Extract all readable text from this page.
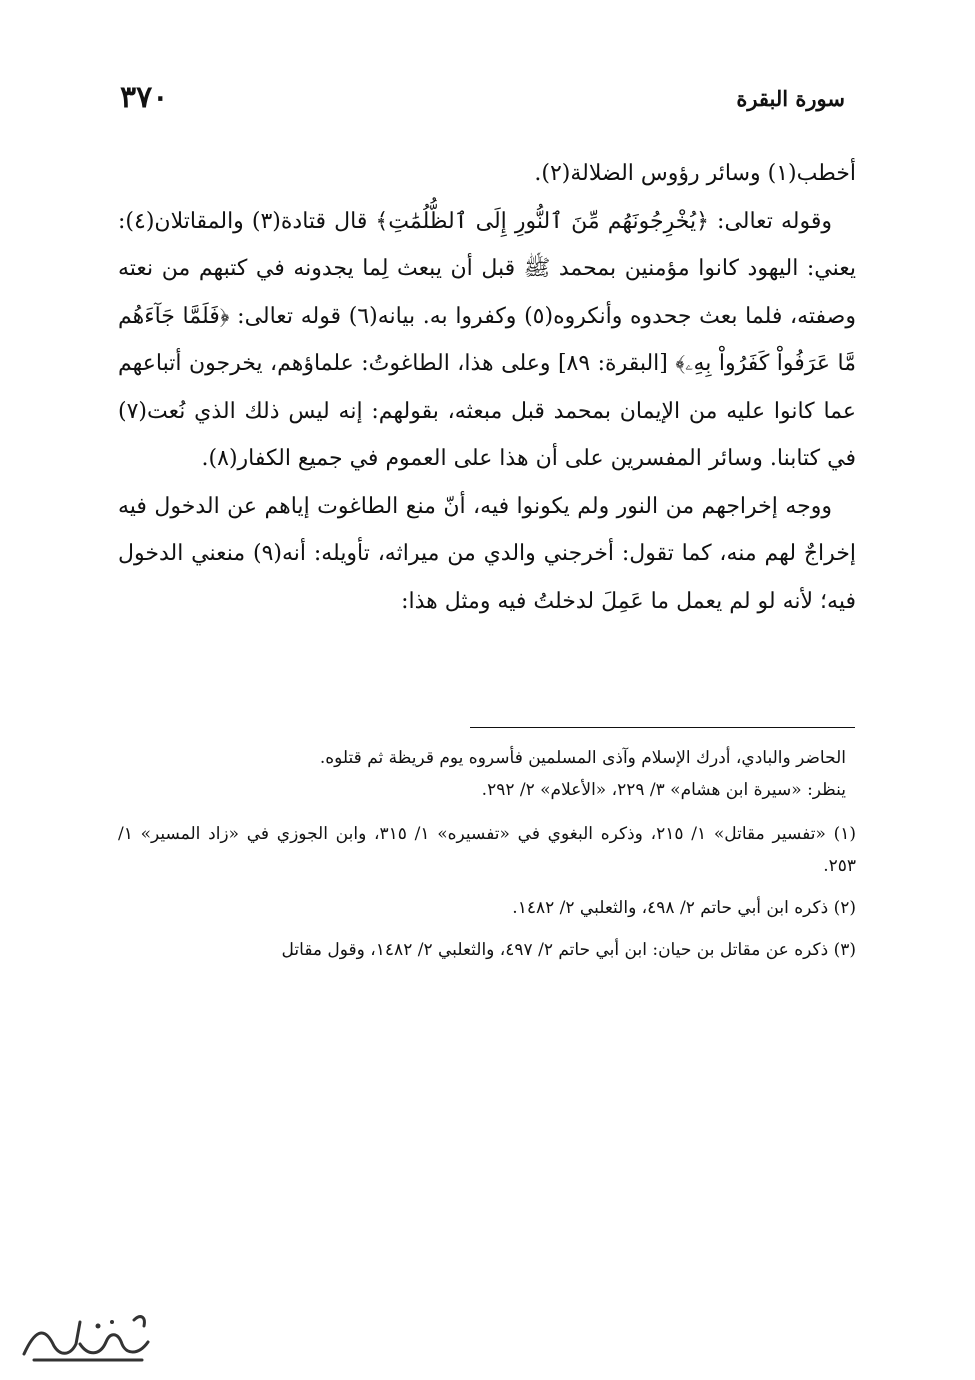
٣٧٠	سورة البقرة

أخطب(١) وسائر رؤوس الضلالة(٢).

وقوله تعالى: ﴿يُخْرِجُونَهُم مِّنَ ٱلنُّورِ إِلَى ٱلظُّلُمَٰتِ﴾ قال قتادة(٣) والمقاتلان(٤): يعني: اليهود كانوا مؤمنين بمحمد ﷺ قبل أن يبعث لِما يجدونه في كتبهم من نعته وصفته، فلما بعث جحدوه وأنكروه(٥) وكفروا به. بيانه(٦) قوله تعالى: ﴿فَلَمَّا جَآءَهُم مَّا عَرَفُواْ كَفَرُواْ بِهِۦ﴾ [البقرة: ٨٩] وعلى هذا، الطاغوتُ: علماؤهم، يخرجون أتباعهم عما كانوا عليه من الإيمان بمحمد قبل مبعثه، بقولهم: إنه ليس ذلك الذي نُعت(٧) في كتابنا. وسائر المفسرين على أن هذا على العموم في جميع الكفار(٨).

ووجه إخراجهم من النور ولم يكونوا فيه، أنّ منع الطاغوت إياهم عن الدخول فيه إخراجٌ لهم منه، كما تقول: أخرجني والدي من ميراثه، تأويله: أنه(٩) منعني الدخول فيه؛ لأنه لو لم يعمل ما عَمِلَ لدخلتُ فيه ومثل هذا:

الحاضر والبادي، أدرك الإسلام وآذى المسلمين فأسروه يوم قريظة ثم قتلوه.
ينظر: «سيرة ابن هشام» ٣/ ٢٢٩، «الأعلام» ٢/ ٢٩٢.

(١) «تفسير مقاتل» ١/ ٢١٥، وذكره البغوي في «تفسيره» ١/ ٣١٥، وابن الجوزي في «زاد المسير» ١/ ٢٥٣.

(٢) ذكره ابن أبي حاتم ٢/ ٤٩٨، والثعلبي ٢/ ١٤٨٢.

(٣) ذكره عن مقاتل بن حيان: ابن أبي حاتم ٢/ ٤٩٧، والثعلبي ٢/ ١٤٨٢، وقول مقاتل
